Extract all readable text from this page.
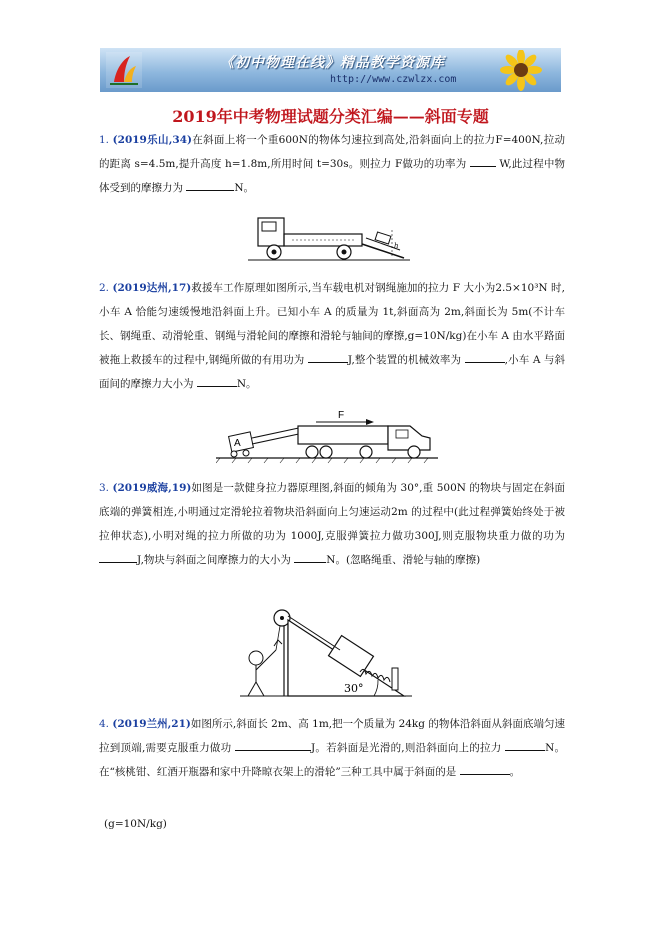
《初中物理在线》精品教学资源库
http://www.czwlzx.com
2019年中考物理试题分类汇编——斜面专题
1. (2019乐山,34)在斜面上将一个重600N的物体匀速拉到高处,沿斜面向上的拉力F=400N,拉动的距离 s=4.5m,提升高度 h=1.8m,所用时间 t=30s。则拉力 F做功的功率为	W,此过程中物体受到的摩擦力为	N。
h
2. (2019达州,17)救援车工作原理如图所示,当车载电机对钢绳施加的拉力 F 大小为2.5×10³N 时,小车 A 恰能匀速缓慢地沿斜面上升。已知小车 A 的质量为 1t,斜面高为 2m,斜面长为 5m(不计车长、钢绳重、动滑轮重、钢绳与滑轮间的摩擦和滑轮与轴间的摩擦,g=10N/kg)在小车 A 由水平路面被拖上救援车的过程中,钢绳所做的有用功为	J,整个装置的机械效率为	,小车 A 与斜面间的摩擦力大小为	N。
A
F
3. (2019威海,19)如图是一款健身拉力器原理图,斜面的倾角为 30°,重 500N 的物块与固定在斜面底端的弹簧相连,小明通过定滑轮拉着物块沿斜面向上匀速运动2m 的过程中(此过程弹簧始终处于被拉伸状态),小明对绳的拉力所做的功为 1000J,克服弹簧拉力做功300J,则克服物块重力做的功为 J,物块与斜面之间摩擦力的大小为	N。(忽略绳重、滑轮与轴的摩擦)
30°
4. (2019兰州,21)如图所示,斜面长 2m、高 1m,把一个质量为 24kg 的物体沿斜面从斜面底端匀速拉到顶端,需要克服重力做功	J。若斜面是光滑的,则沿斜面向上的拉力	N。在“核桃钳、红酒开瓶器和家中升降晾衣架上的滑轮”三种工具中属于斜面的是	。
(g=10N/kg)
